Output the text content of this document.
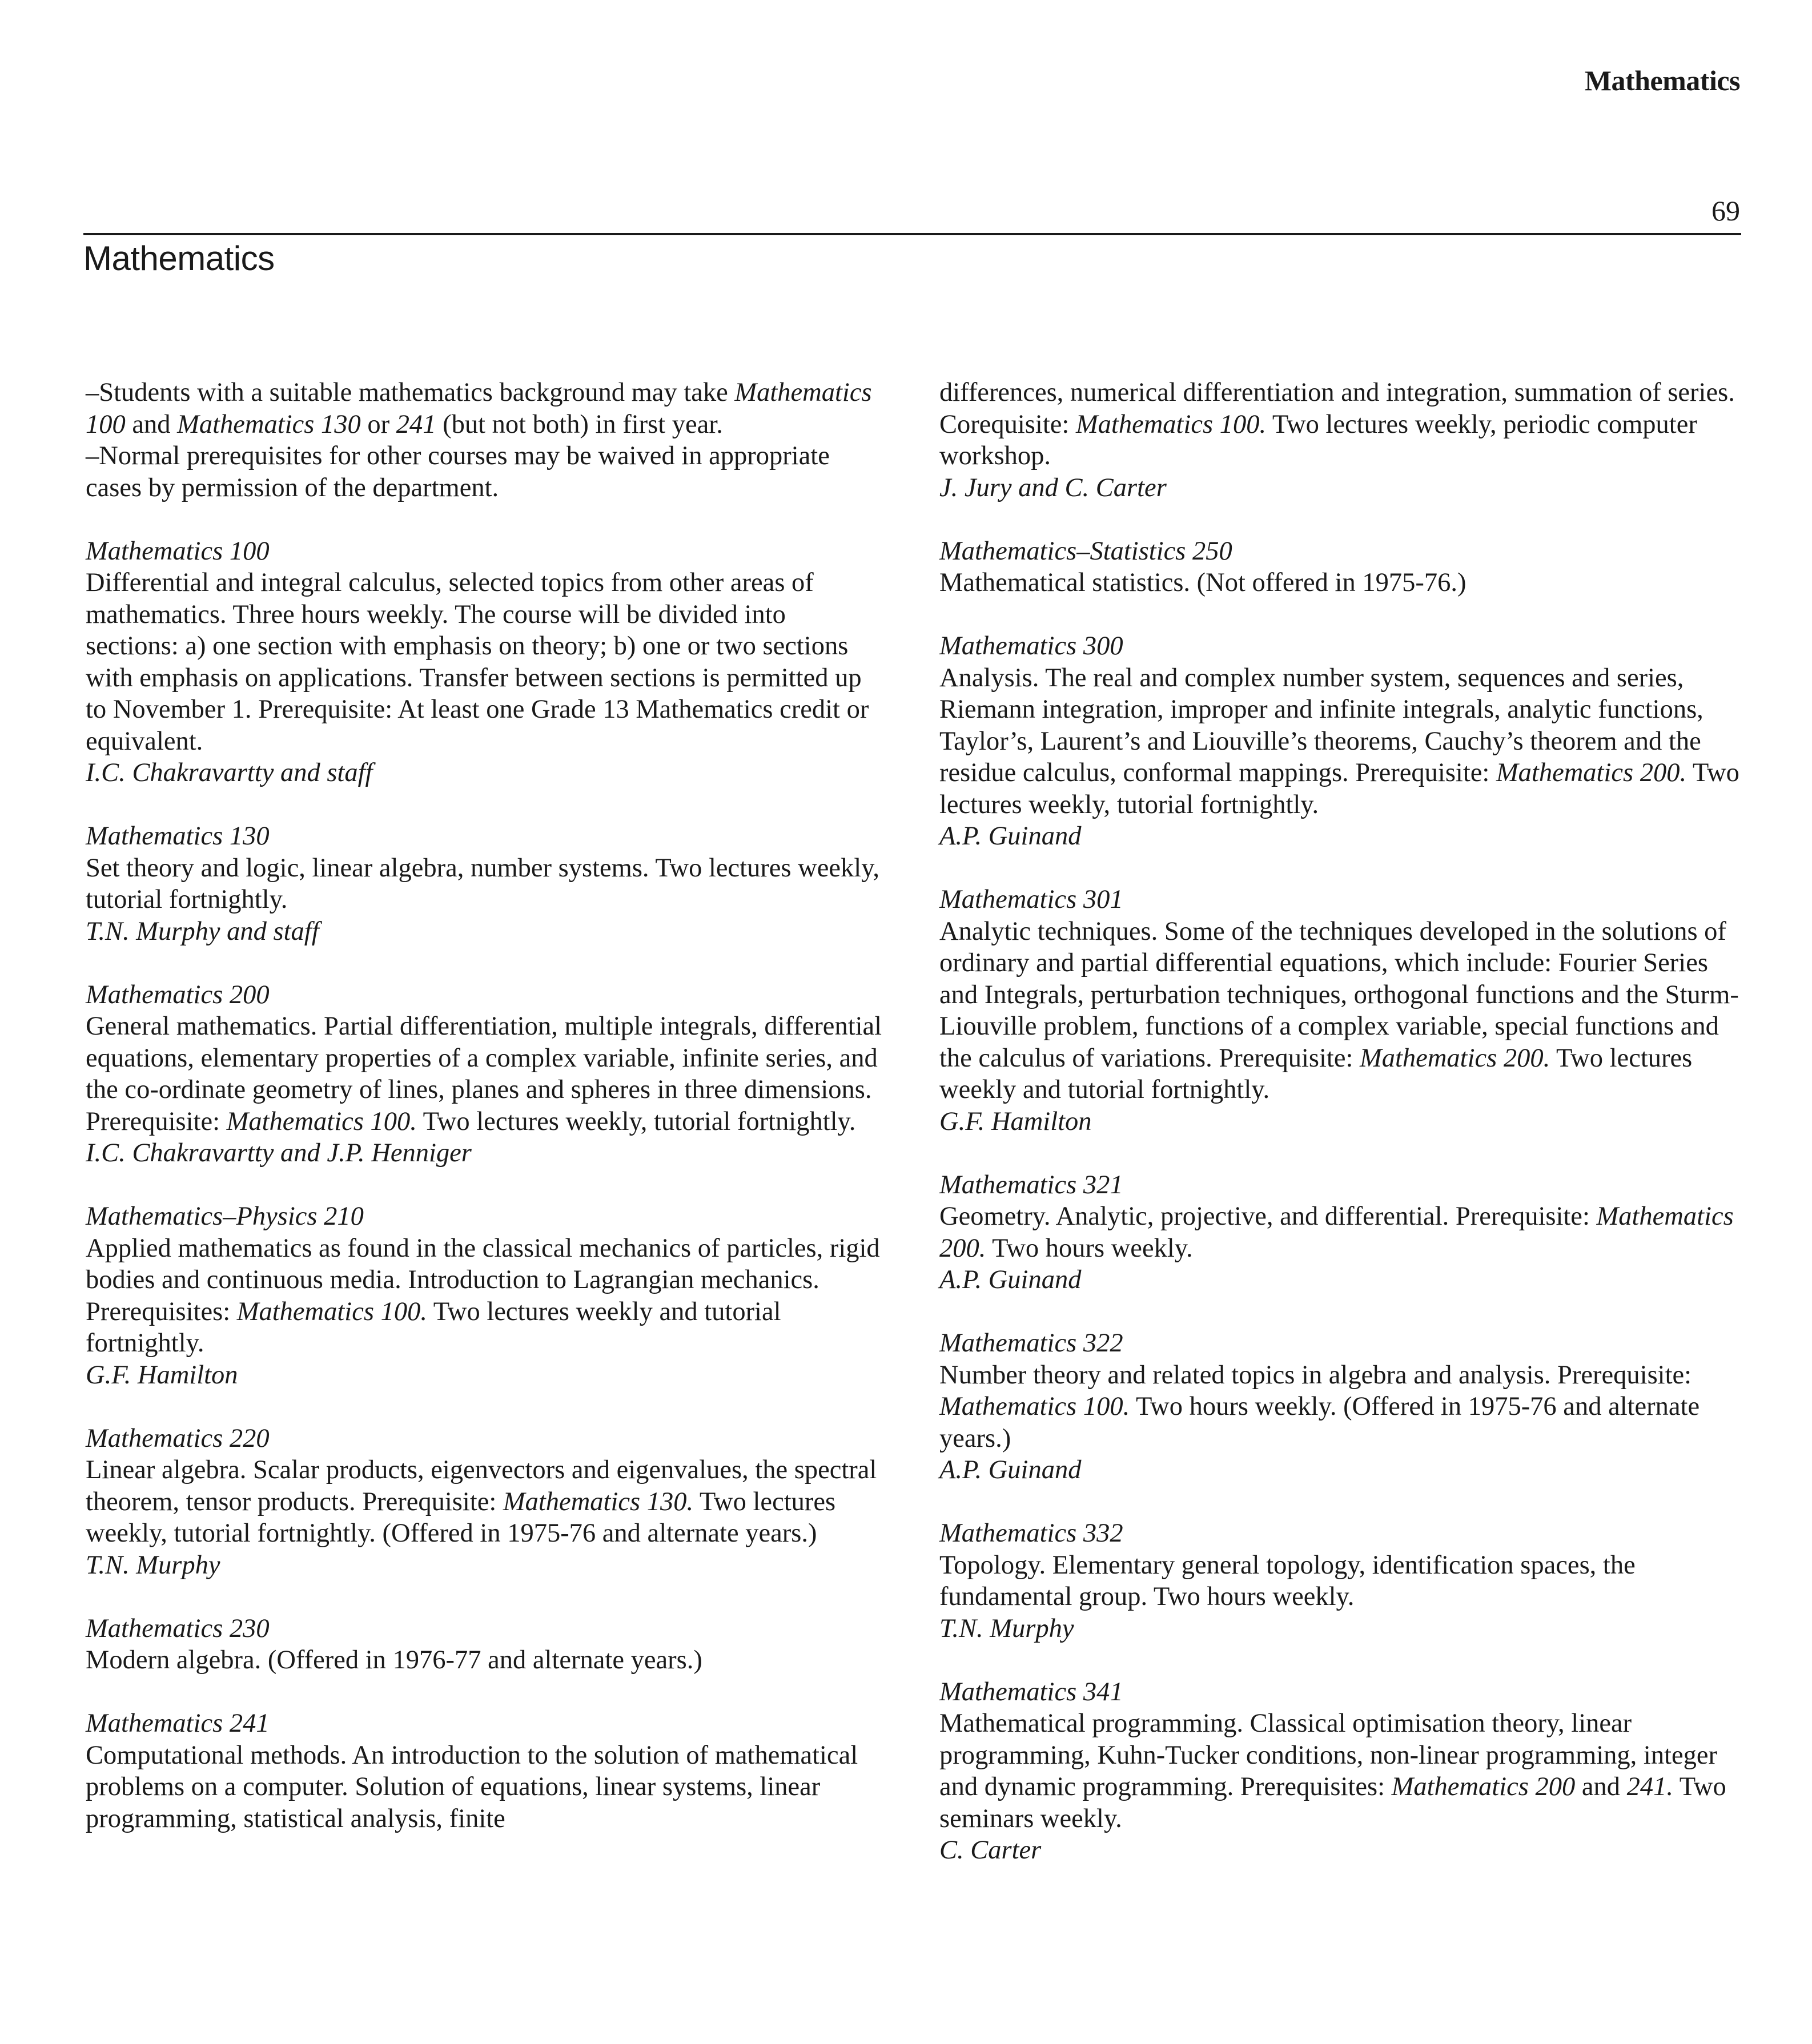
Mathematics
69
Mathematics

–Students with a suitable mathematics background may take Mathematics 100 and Mathematics 130 or 241 (but not both) in first year.

–Normal prerequisites for other courses may be waived in appropriate cases by permission of the department.

Mathematics 100

Differential and integral calculus, selected topics from other areas of mathematics. Three hours weekly. The course will be divided into sections: a) one section with emphasis on theory; b) one or two sections with emphasis on applications. Transfer between sections is permitted up to November 1. Prerequisite: At least one Grade 13 Mathematics credit or equivalent.

I.C. Chakravartty and staff

Mathematics 130

Set theory and logic, linear algebra, number systems. Two lectures weekly, tutorial fortnightly.

T.N. Murphy and staff

Mathematics 200

General mathematics. Partial differentiation, multiple integrals, differential equations, elementary properties of a complex variable, infinite series, and the co-ordinate geometry of lines, planes and spheres in three dimensions. Prerequisite: Mathematics 100. Two lectures weekly, tutorial fortnightly.

I.C. Chakravartty and J.P. Henniger

Mathematics–Physics 210

Applied mathematics as found in the classical mechanics of particles, rigid bodies and continuous media. Introduction to Lagrangian mechanics. Prerequisites: Mathematics 100. Two lectures weekly and tutorial fortnightly.

G.F. Hamilton

Mathematics 220

Linear algebra. Scalar products, eigenvectors and eigenvalues, the spectral theorem, tensor products. Prerequisite: Mathematics 130. Two lectures weekly, tutorial fortnightly. (Offered in 1975-76 and alternate years.)

T.N. Murphy

Mathematics 230

Modern algebra. (Offered in 1976-77 and alternate years.)

Mathematics 241

Computational methods. An introduction to the solution of mathematical problems on a computer. Solution of equations, linear systems, linear programming, statistical analysis, finite

differences, numerical differentiation and integration, summation of series. Corequisite: Mathematics 100. Two lectures weekly, periodic computer workshop.

J. Jury and C. Carter

Mathematics–Statistics 250

Mathematical statistics. (Not offered in 1975-76.)

Mathematics 300

Analysis. The real and complex number system, sequences and series, Riemann integration, improper and infinite integrals, analytic functions, Taylor’s, Laurent’s and Liouville’s theorems, Cauchy’s theorem and the residue calculus, conformal mappings. Prerequisite: Mathematics 200. Two lectures weekly, tutorial fortnightly.

A.P. Guinand

Mathematics 301

Analytic techniques. Some of the techniques developed in the solutions of ordinary and partial differential equations, which include: Fourier Series and Integrals, perturbation techniques, orthogonal functions and the Sturm-Liouville problem, functions of a complex variable, special functions and the calculus of variations. Prerequisite: Mathematics 200. Two lectures weekly and tutorial fortnightly.

G.F. Hamilton

Mathematics 321

Geometry. Analytic, projective, and differential. Prerequisite: Mathematics 200. Two hours weekly.

A.P. Guinand

Mathematics 322

Number theory and related topics in algebra and analysis. Prerequisite: Mathematics 100. Two hours weekly. (Offered in 1975-76 and alternate years.)

A.P. Guinand

Mathematics 332

Topology. Elementary general topology, identification spaces, the fundamental group. Two hours weekly.

T.N. Murphy

Mathematics 341

Mathematical programming. Classical optimisation theory, linear programming, Kuhn-Tucker conditions, non-linear programming, integer and dynamic programming. Prerequisites: Mathematics 200 and 241. Two seminars weekly.

C. Carter
